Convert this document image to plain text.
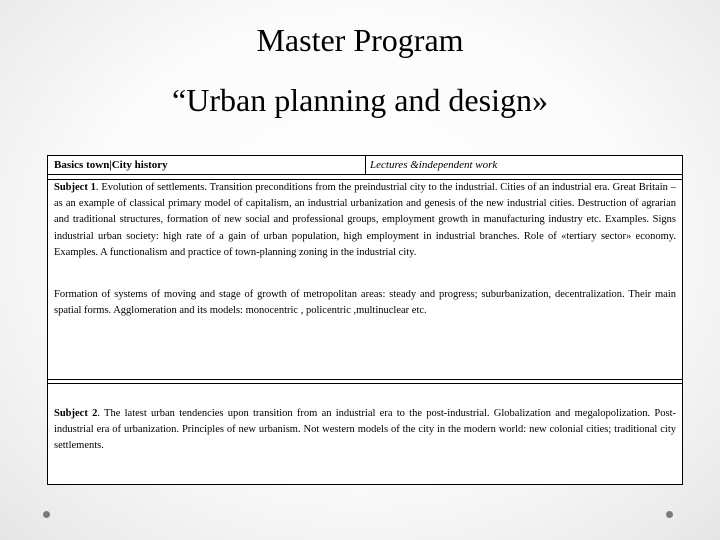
Master Program
“Urban planning and design»
Basics town|City history	Lectures &independent work
Subject 1. Evolution of settlements. Transition preconditions from the preindustrial city to the industrial. Cities of an industrial era. Great Britain – as an example of classical primary model of capitalism, an industrial urbanization and genesis of the new industrial cities. Destruction of agrarian and traditional structures, formation of new social and professional groups, employment growth in manufacturing industry etc. Examples. Signs industrial urban society: high rate of a gain of urban population, high employment in industrial branches. Role of «tertiary sector» economy. Examples. A functionalism and practice of town-planning zoning in the industrial city.
Formation of systems of moving and stage of growth of metropolitan areas: steady and progress; suburbanization, decentralization. Their main spatial forms. Agglomeration and its models: monocentric , policentric ,multinuclear etc.
Subject 2. The latest urban tendencies upon transition from an industrial era to the post-industrial. Globalization and megalopolization. Post-industrial era of urbanization. Principles of new urbanism. Not western models of the city in the modern world: new colonial cities; traditional city settlements.
